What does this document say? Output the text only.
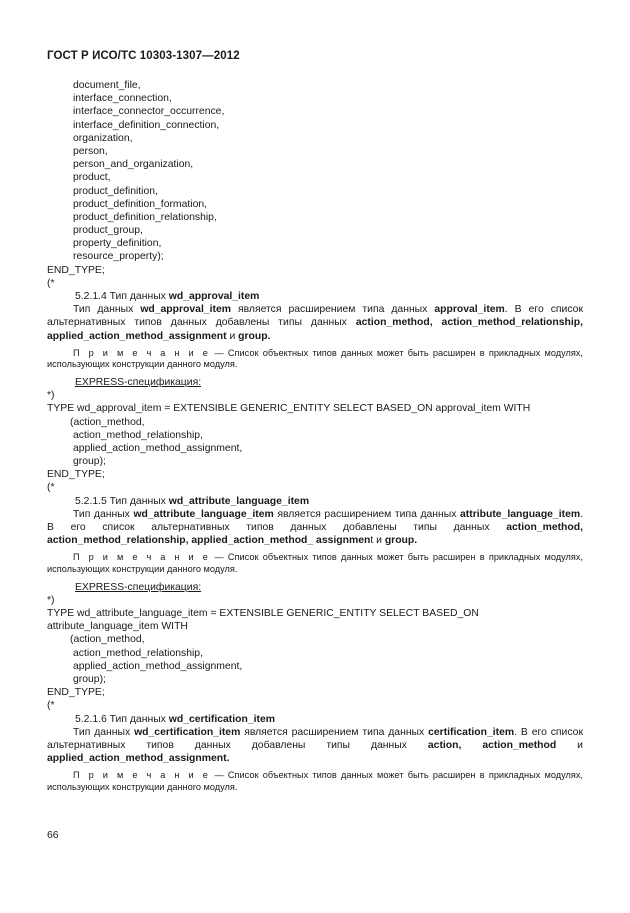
ГОСТ Р ИСО/ТС 10303-1307—2012
document_file,
interface_connection,
interface_connector_occurrence,
interface_definition_connection,
organization,
person,
person_and_organization,
product,
product_definition,
product_definition_formation,
product_definition_relationship,
product_group,
property_definition,
resource_property);
END_TYPE;
(*
5.2.1.4 Тип данных wd_approval_item
Тип данных wd_approval_item является расширением типа данных approval_item. В его список альтернативных типов данных добавлены типы данных action_method, action_method_relationship, applied_action_method_assignment и group.
П р и м е ч а н и е — Список объектных типов данных может быть расширен в прикладных модулях, использующих конструкции данного модуля.
EXPRESS-спецификация:
*)
TYPE wd_approval_item = EXTENSIBLE GENERIC_ENTITY SELECT BASED_ON approval_item WITH
(action_method,
action_method_relationship,
applied_action_method_assignment,
group);
END_TYPE;
(*
5.2.1.5 Тип данных wd_attribute_language_item
Тип данных wd_attribute_language_item является расширением типа данных attribute_language_item. В его список альтернативных типов данных добавлены типы данных action_method, action_method_relationship, applied_action_method_ assignment и group.
П р и м е ч а н и е — Список объектных типов данных может быть расширен в прикладных модулях, использующих конструкции данного модуля.
EXPRESS-спецификация:
*)
TYPE wd_attribute_language_item = EXTENSIBLE GENERIC_ENTITY SELECT BASED_ON
attribute_language_item WITH
(action_method,
action_method_relationship,
applied_action_method_assignment,
group);
END_TYPE;
(*
5.2.1.6 Тип данных wd_certification_item
Тип данных wd_certification_item является расширением типа данных certification_item. В его список альтернативных типов данных добавлены типы данных action, action_method и applied_action_method_assignment.
П р и м е ч а н и е — Список объектных типов данных может быть расширен в прикладных модулях, использующих конструкции данного модуля.
66
